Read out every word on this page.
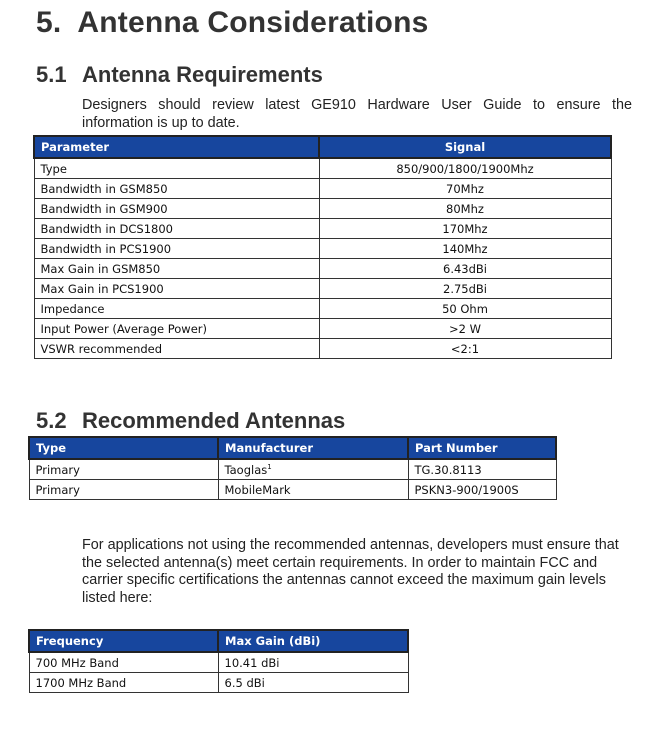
5. Antenna Considerations
5.1 Antenna Requirements
Designers should review latest GE910 Hardware User Guide to ensure the information is up to date.
Parameter	Signal
Type	850/900/1800/1900Mhz
Bandwidth in GSM850	70Mhz
Bandwidth in GSM900	80Mhz
Bandwidth in DCS1800	170Mhz
Bandwidth in PCS1900	140Mhz
Max Gain in GSM850	6.43dBi
Max Gain in PCS1900	2.75dBi
Impedance	50 Ohm
Input Power (Average Power)	>2 W
VSWR recommended	<2:1
5.2 Recommended Antennas
Type	Manufacturer	Part Number
Primary	Taoglas$^1$	TG.30.8113
Primary	MobileMark	PSKN3-900/1900S
For applications not using the recommended antennas, developers must ensure that the selected antenna(s) meet certain requirements. In order to maintain FCC and carrier specific certifications the antennas cannot exceed the maximum gain levels listed here:
Frequency	Max Gain (dBi)
700 MHz Band	10.41 dBi
1700 MHz Band	6.5 dBi
